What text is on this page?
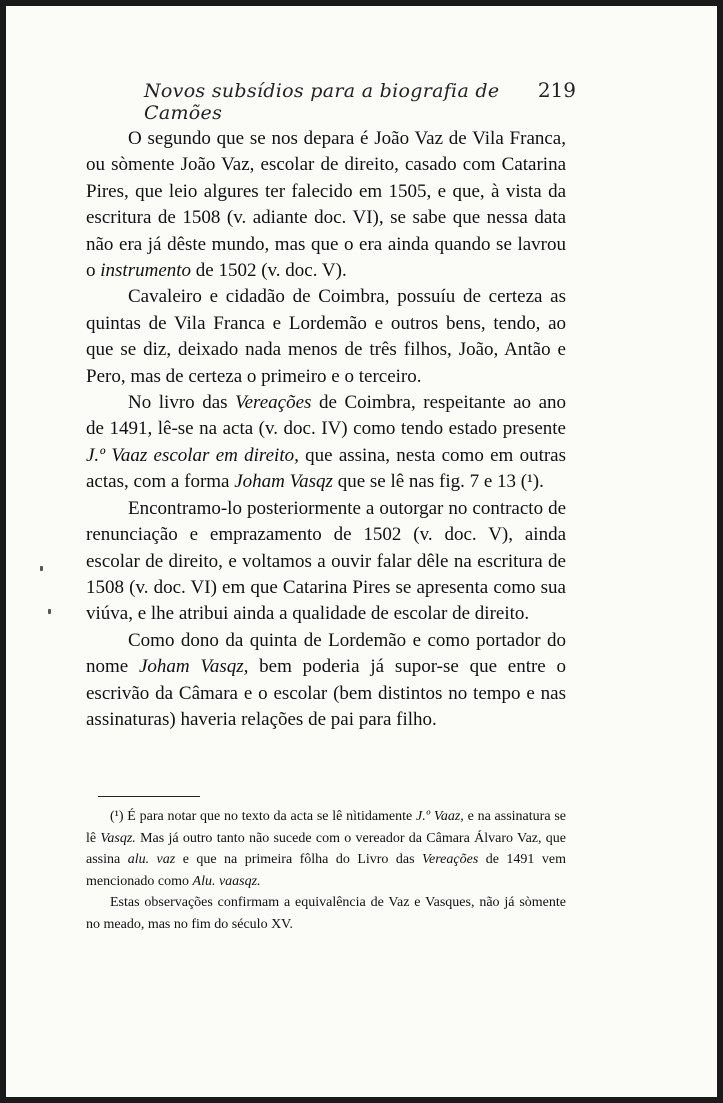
Novos subsídios para a biografia de Camões
219

O segundo que se nos depara é João Vaz de Vila Franca, ou sòmente João Vaz, escolar de direito, casado com Catarina Pires, que leio algures ter falecido em 1505, e que, à vista da escritura de 1508 (v. adiante doc. VI), se sabe que nessa data não era já dêste mundo, mas que o era ainda quando se lavrou o instrumento de 1502 (v. doc. V).

Cavaleiro e cidadão de Coimbra, possuíu de certeza as quintas de Vila Franca e Lordemão e outros bens, tendo, ao que se diz, deixado nada menos de três filhos, João, Antão e Pero, mas de certeza o primeiro e o terceiro.

No livro das Vereações de Coimbra, respeitante ao ano de 1491, lê-se na acta (v. doc. IV) como tendo estado presente J.º Vaaz escolar em direito, que assina, nesta como em outras actas, com a forma Joham Vasqz que se lê nas fig. 7 e 13 (¹).

Encontramo-lo posteriormente a outorgar no contracto de renunciação e emprazamento de 1502 (v. doc. V), ainda escolar de direito, e voltamos a ouvir falar dêle na escritura de 1508 (v. doc. VI) em que Catarina Pires se apresenta como sua viúva, e lhe atribui ainda a qualidade de escolar de direito.

Como dono da quinta de Lordemão e como portador do nome Joham Vasqz, bem poderia já supor-se que entre o escrivão da Câmara e o escolar (bem distintos no tempo e nas assinaturas) haveria relações de pai para filho.

(¹) É para notar que no texto da acta se lê nìtidamente J.º Vaaz, e na assinatura se lê Vasqz. Mas já outro tanto não sucede com o vereador da Câmara Álvaro Vaz, que assina alu. vaz e que na primeira fôlha do Livro das Vereações de 1491 vem mencionado como Alu. vaasqz.

Estas observações confirmam a equivalência de Vaz e Vasques, não já sòmente no meado, mas no fim do século XV.
